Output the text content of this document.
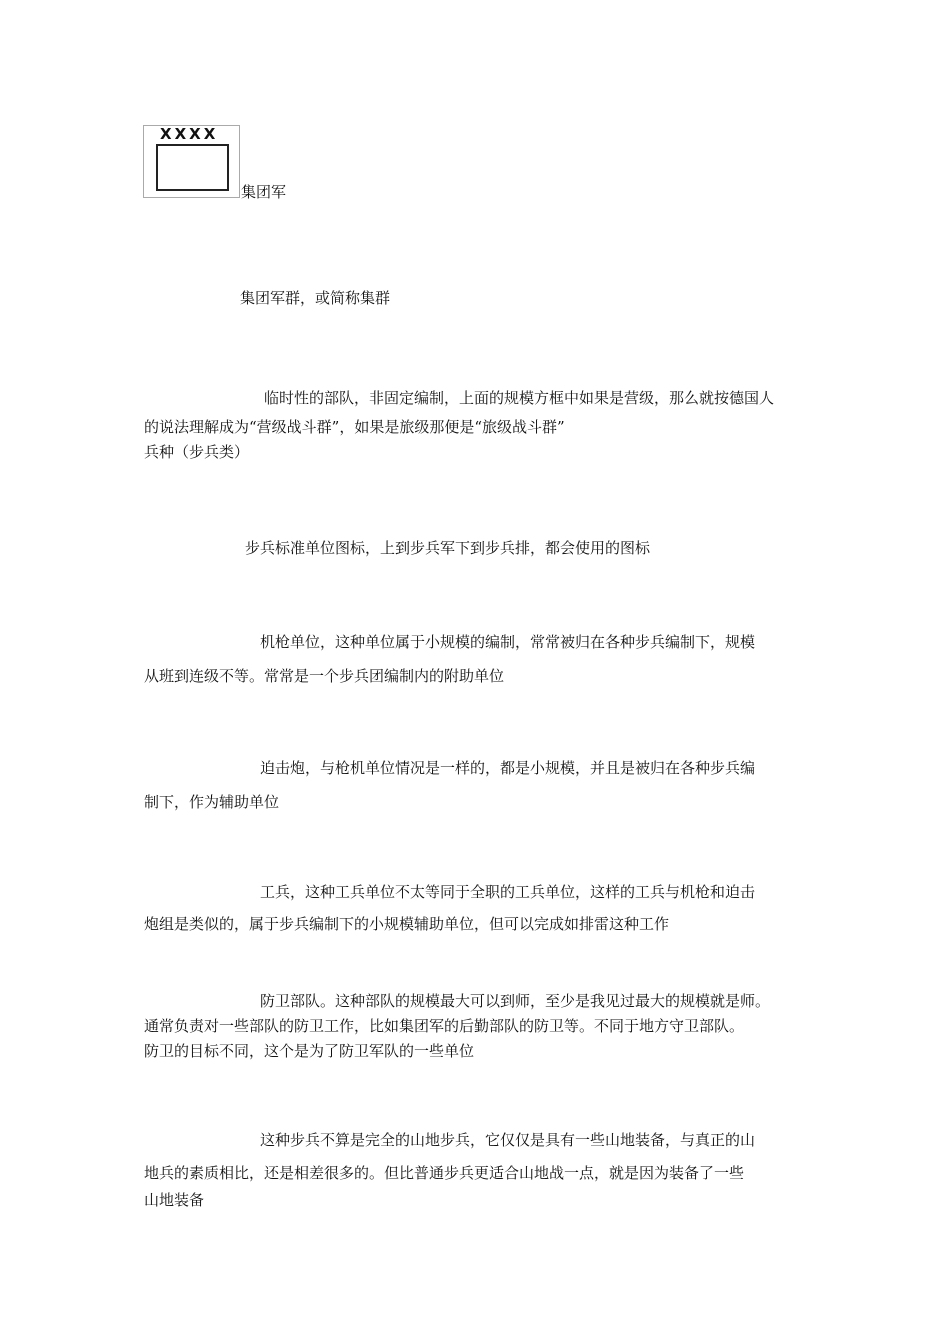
XXXX
集团军
集团军群，或简称集群
临时性的部队，非固定编制，上面的规模方框中如果是营级，那么就按德国人
的说法理解成为“营级战斗群”，如果是旅级那便是“旅级战斗群”
兵种（步兵类）
步兵标准单位图标，上到步兵军下到步兵排，都会使用的图标
机枪单位，这种单位属于小规模的编制，常常被归在各种步兵编制下，规模
从班到连级不等。常常是一个步兵团编制内的附助单位
迫击炮，与枪机单位情况是一样的，都是小规模，并且是被归在各种步兵编
制下，作为辅助单位
工兵，这种工兵单位不太等同于全职的工兵单位，这样的工兵与机枪和迫击
炮组是类似的，属于步兵编制下的小规模辅助单位，但可以完成如排雷这种工作
防卫部队。这种部队的规模最大可以到师，至少是我见过最大的规模就是师。
通常负责对一些部队的防卫工作，比如集团军的后勤部队的防卫等。不同于地方守卫部队。
防卫的目标不同，这个是为了防卫军队的一些单位
这种步兵不算是完全的山地步兵，它仅仅是具有一些山地装备，与真正的山
地兵的素质相比，还是相差很多的。但比普通步兵更适合山地战一点，就是因为装备了一些
山地装备
